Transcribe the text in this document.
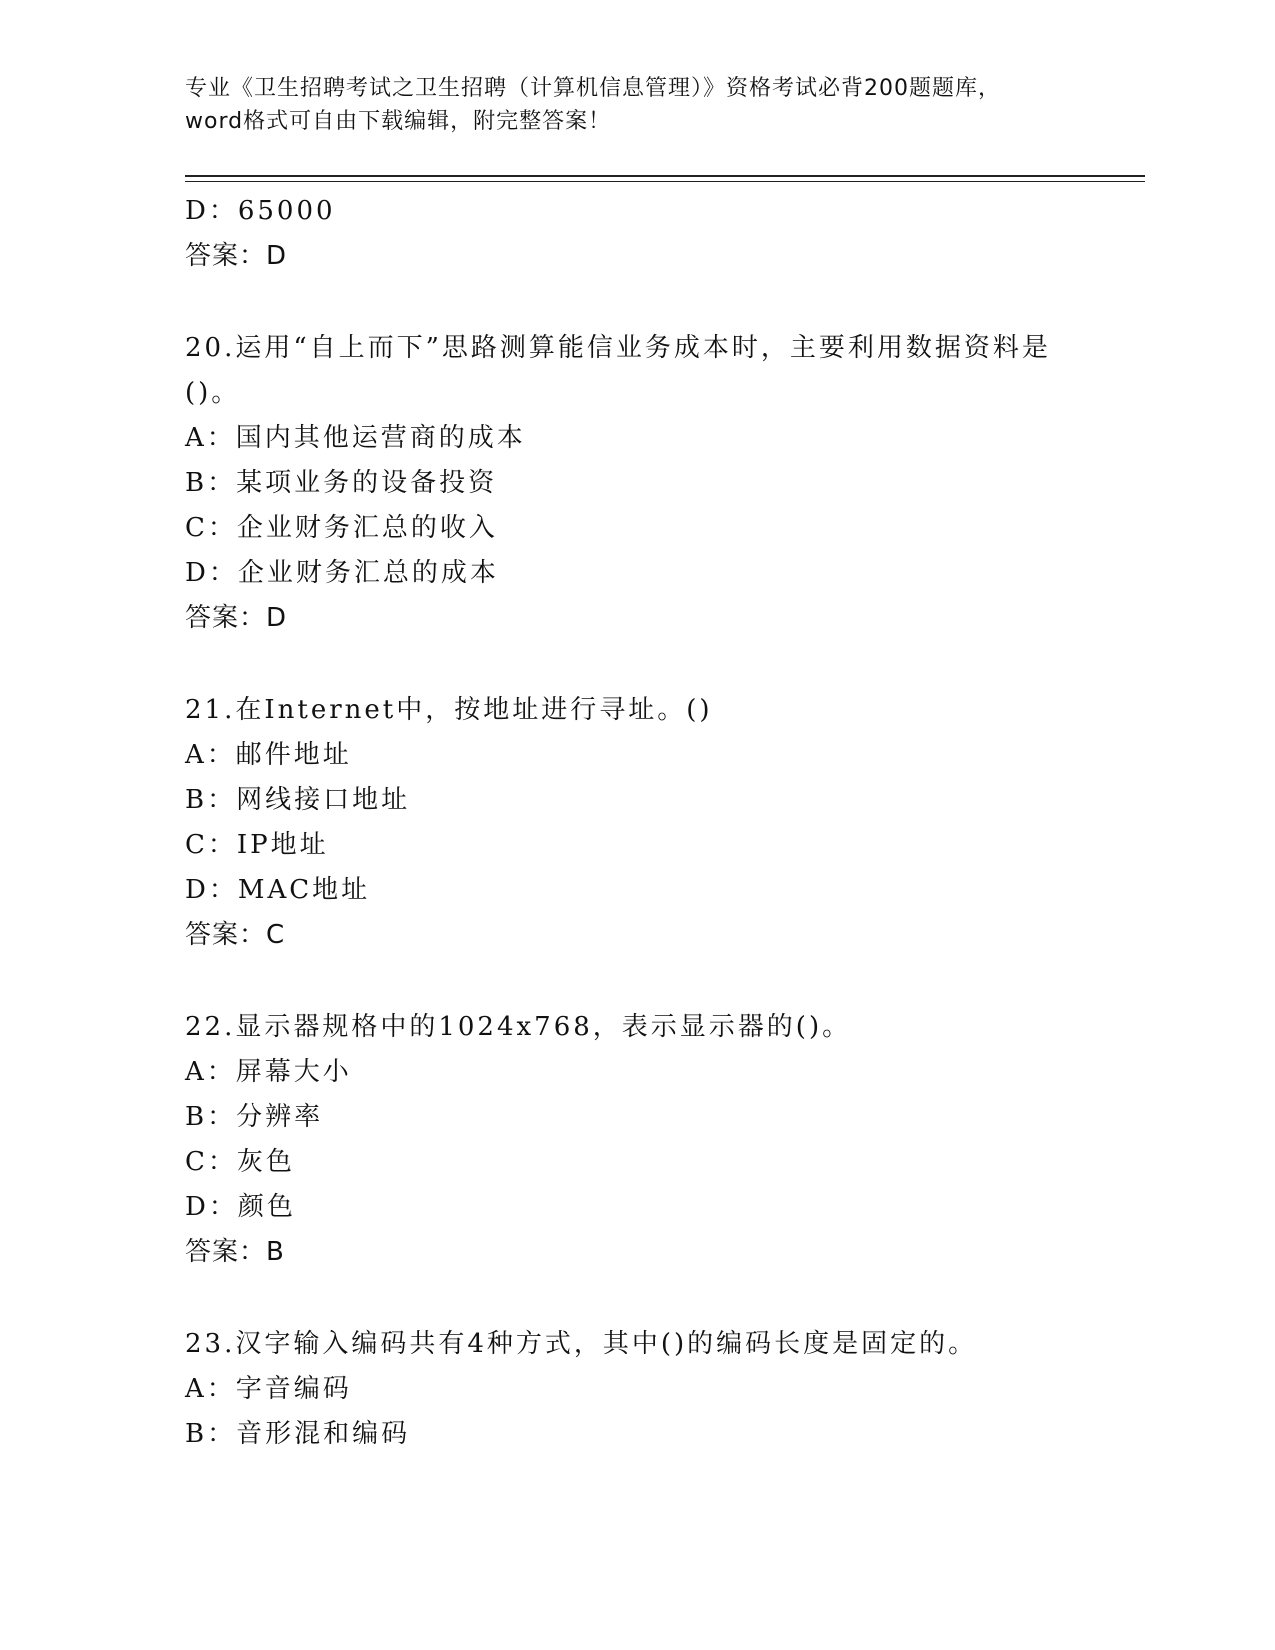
专业《卫生招聘考试之卫生招聘（计算机信息管理）》资格考试必背200题题库，
word格式可自由下载编辑，附完整答案！
D：65000
答案：D
20.运用“自上而下”思路测算能信业务成本时，主要利用数据资料是()。
A：国内其他运营商的成本
B：某项业务的设备投资
C：企业财务汇总的收入
D：企业财务汇总的成本
答案：D
21.在Internet中，按地址进行寻址。()
A：邮件地址
B：网线接口地址
C：IP地址
D：MAC地址
答案：C
22.显示器规格中的1024x768，表示显示器的()。
A：屏幕大小
B：分辨率
C：灰色
D：颜色
答案：B
23.汉字输入编码共有4种方式，其中()的编码长度是固定的。
A：字音编码
B：音形混和编码
